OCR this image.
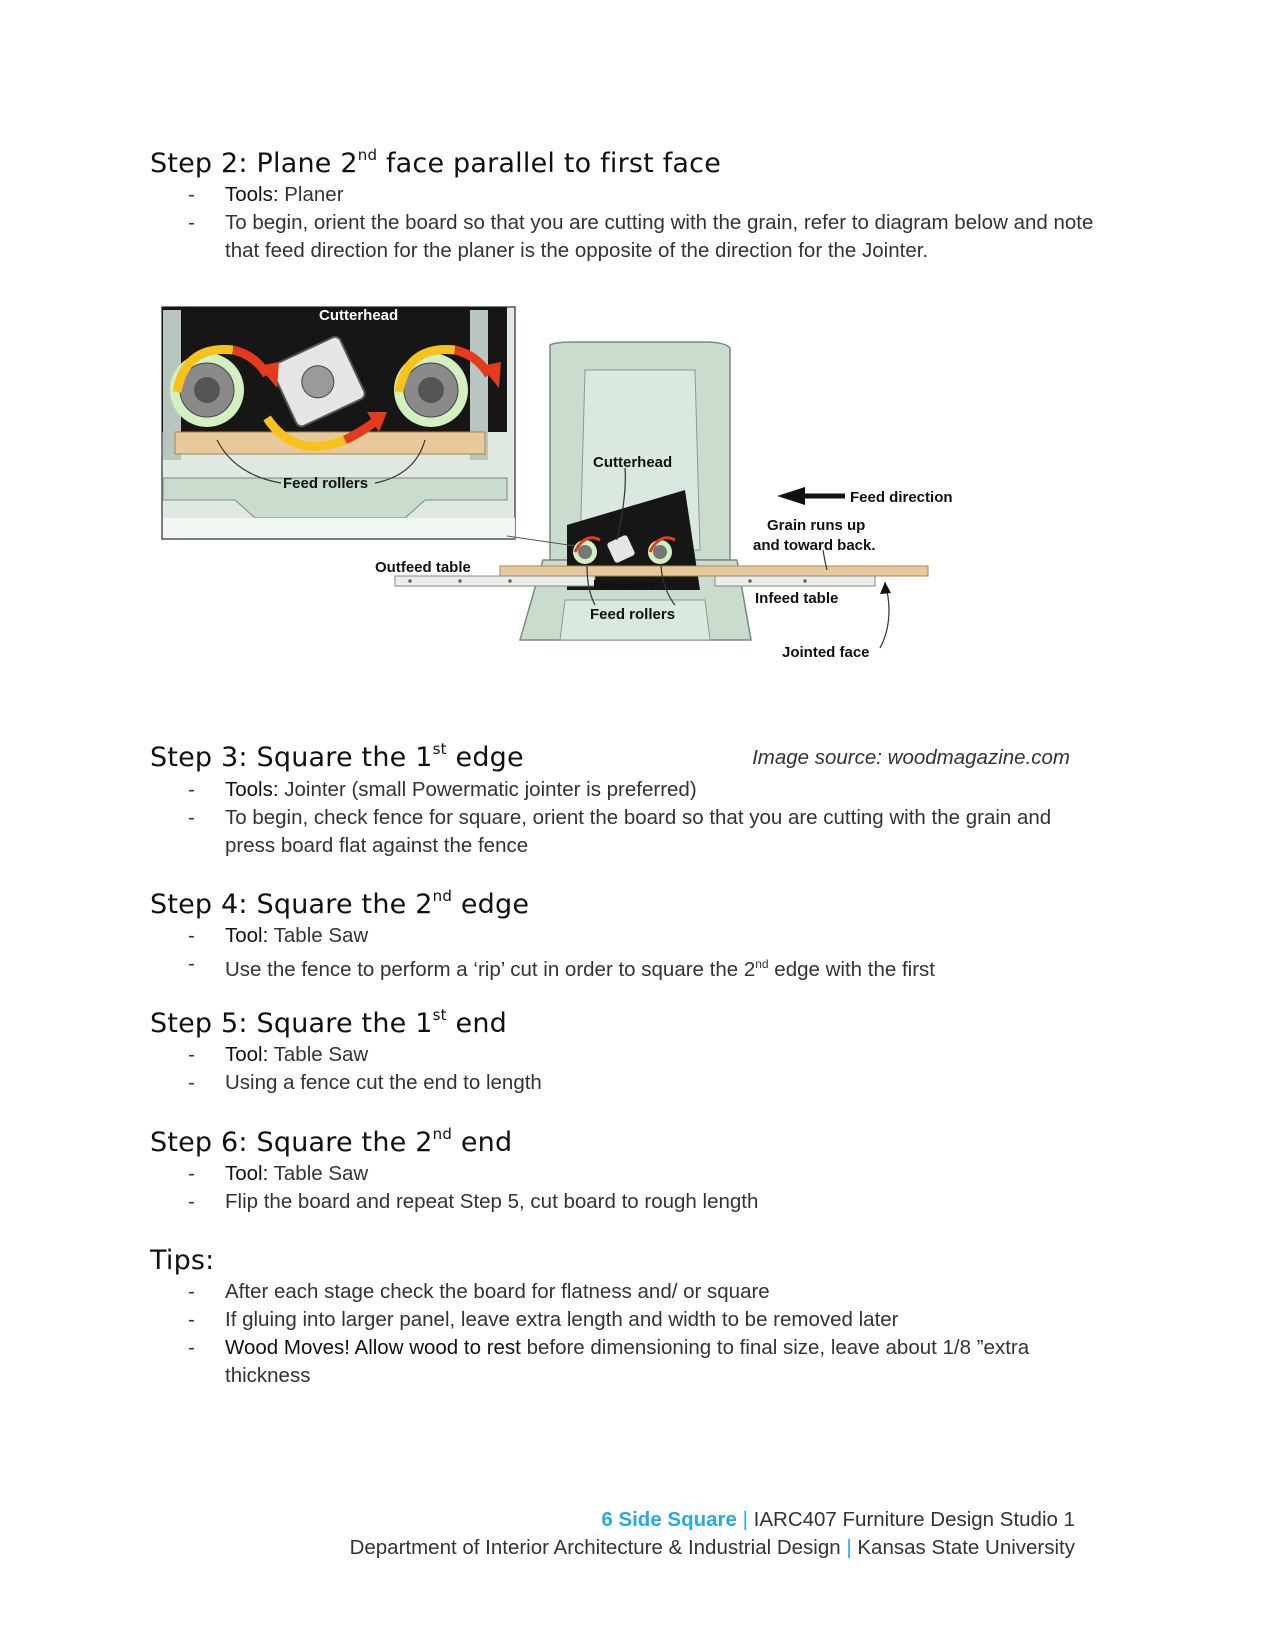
Step 2: Plane 2nd face parallel to first face
- Tools: Planer
- To begin, orient the board so that you are cutting with the grain, refer to diagram below and note that feed direction for the planer is the opposite of the direction for the Jointer.
Cutterhead
Feed rollers
Cutterhead
Feed direction
Grain runs up
and toward back.
Outfeed table
Rotation
Infeed table
Feed rollers
Jointed face
Image source: woodmagazine.com
Step 3: Square the 1st edge
- Tools: Jointer (small Powermatic jointer is preferred)
- To begin, check fence for square, orient the board so that you are cutting with the grain and press board flat against the fence
Step 4: Square the 2nd edge
- Tool: Table Saw
- Use the fence to perform a ‘rip’ cut in order to square the 2nd edge with the first
Step 5: Square the 1st end
- Tool: Table Saw
- Using a fence cut the end to length
Step 6: Square the 2nd end
- Tool: Table Saw
- Flip the board and repeat Step 5, cut board to rough length
Tips:
- After each stage check the board for flatness and/ or square
- If gluing into larger panel, leave extra length and width to be removed later
- Wood Moves! Allow wood to rest before dimensioning to final size, leave about 1/8 ”extra thickness
6 Side Square | IARC407 Furniture Design Studio 1
Department of Interior Architecture & Industrial Design | Kansas State University
